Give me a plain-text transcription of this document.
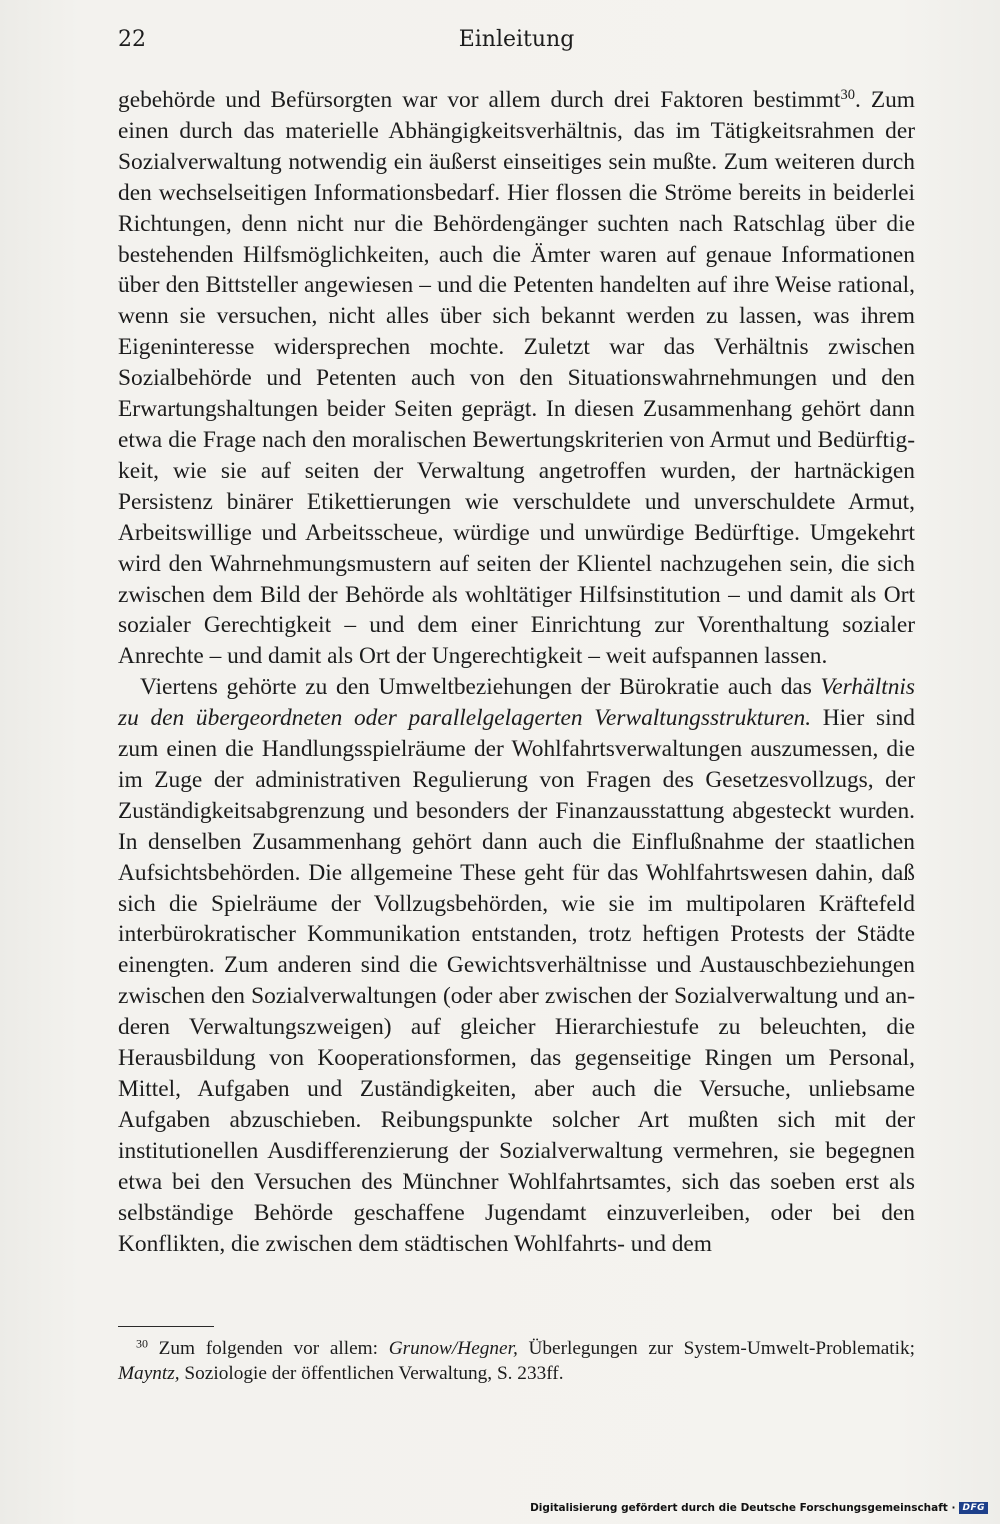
22	Einleitung

gebehörde und Befürsorgten war vor allem durch drei Faktoren bestimmt$^{30}$. Zum einen durch das materielle Abhängigkeitsverhältnis, das im Tätigkeitsrahmen der Sozialverwaltung notwendig ein äußerst einseitiges sein mußte. Zum weiteren durch den wechselseitigen Informationsbedarf. Hier flossen die Ströme bereits in beiderlei Richtungen, denn nicht nur die Behördengänger suchten nach Ratschlag über die bestehenden Hilfsmöglichkeiten, auch die Ämter waren auf genaue Informationen über den Bittsteller angewiesen – und die Petenten handelten auf ihre Weise rational, wenn sie versuchen, nicht alles über sich bekannt werden zu lassen, was ihrem Eigeninteresse widersprechen mochte. Zuletzt war das Verhältnis zwischen Sozialbehörde und Petenten auch von den Situationswahrnehmungen und den Erwartungshaltungen beider Seiten geprägt. In diesen Zusammenhang gehört dann etwa die Frage nach den moralischen Bewertungskriterien von Armut und Bedürftigkeit, wie sie auf seiten der Verwaltung angetroffen wurden, der hartnäckigen Persistenz binärer Etikettierungen wie verschuldete und unverschuldete Armut, Arbeitswillige und Arbeitsscheue, würdige und unwürdige Bedürftige. Umgekehrt wird den Wahrnehmungsmustern auf seiten der Klientel nachzugehen sein, die sich zwischen dem Bild der Behörde als wohltätiger Hilfsinstitution – und damit als Ort sozialer Gerechtigkeit – und dem einer Einrichtung zur Vorenthaltung sozialer Anrechte – und damit als Ort der Ungerechtigkeit – weit aufspannen lassen.

Viertens gehörte zu den Umweltbeziehungen der Bürokratie auch das Verhältnis zu den übergeordneten oder parallelgelagerten Verwaltungsstrukturen. Hier sind zum einen die Handlungsspielräume der Wohlfahrtsverwaltungen auszumessen, die im Zuge der administrativen Regulierung von Fragen des Gesetzesvollzugs, der Zuständigkeitsabgrenzung und besonders der Finanzausstattung abgesteckt wurden. In denselben Zusammenhang gehört dann auch die Einflußnahme der staatlichen Aufsichtsbehörden. Die allgemeine These geht für das Wohlfahrtswesen dahin, daß sich die Spielräume der Vollzugsbehörden, wie sie im multipolaren Kräftefeld interbürokratischer Kommunikation entstanden, trotz heftigen Protests der Städte einengten. Zum anderen sind die Gewichtsverhältnisse und Austauschbeziehungen zwischen den Sozialverwaltungen (oder aber zwischen der Sozialverwaltung und anderen Verwaltungszweigen) auf gleicher Hierarchiestufe zu beleuchten, die Herausbildung von Kooperationsformen, das gegenseitige Ringen um Personal, Mittel, Aufgaben und Zuständigkeiten, aber auch die Versuche, unliebsame Aufgaben abzuschieben. Reibungspunkte solcher Art mußten sich mit der institutionellen Ausdifferenzierung der Sozialverwaltung vermehren, sie begegnen etwa bei den Versuchen des Münchner Wohlfahrtsamtes, sich das soeben erst als selbständige Behörde geschaffene Jugendamt einzuverleiben, oder bei den Konflikten, die zwischen dem städtischen Wohlfahrts- und dem

$^{30}$ Zum folgenden vor allem: Grunow/Hegner, Überlegungen zur System-Umwelt-Problematik; Mayntz, Soziologie der öffentlichen Verwaltung, S. 233ff.

Digitalisierung gefördert durch die Deutsche Forschungsgemeinschaft · DFG
